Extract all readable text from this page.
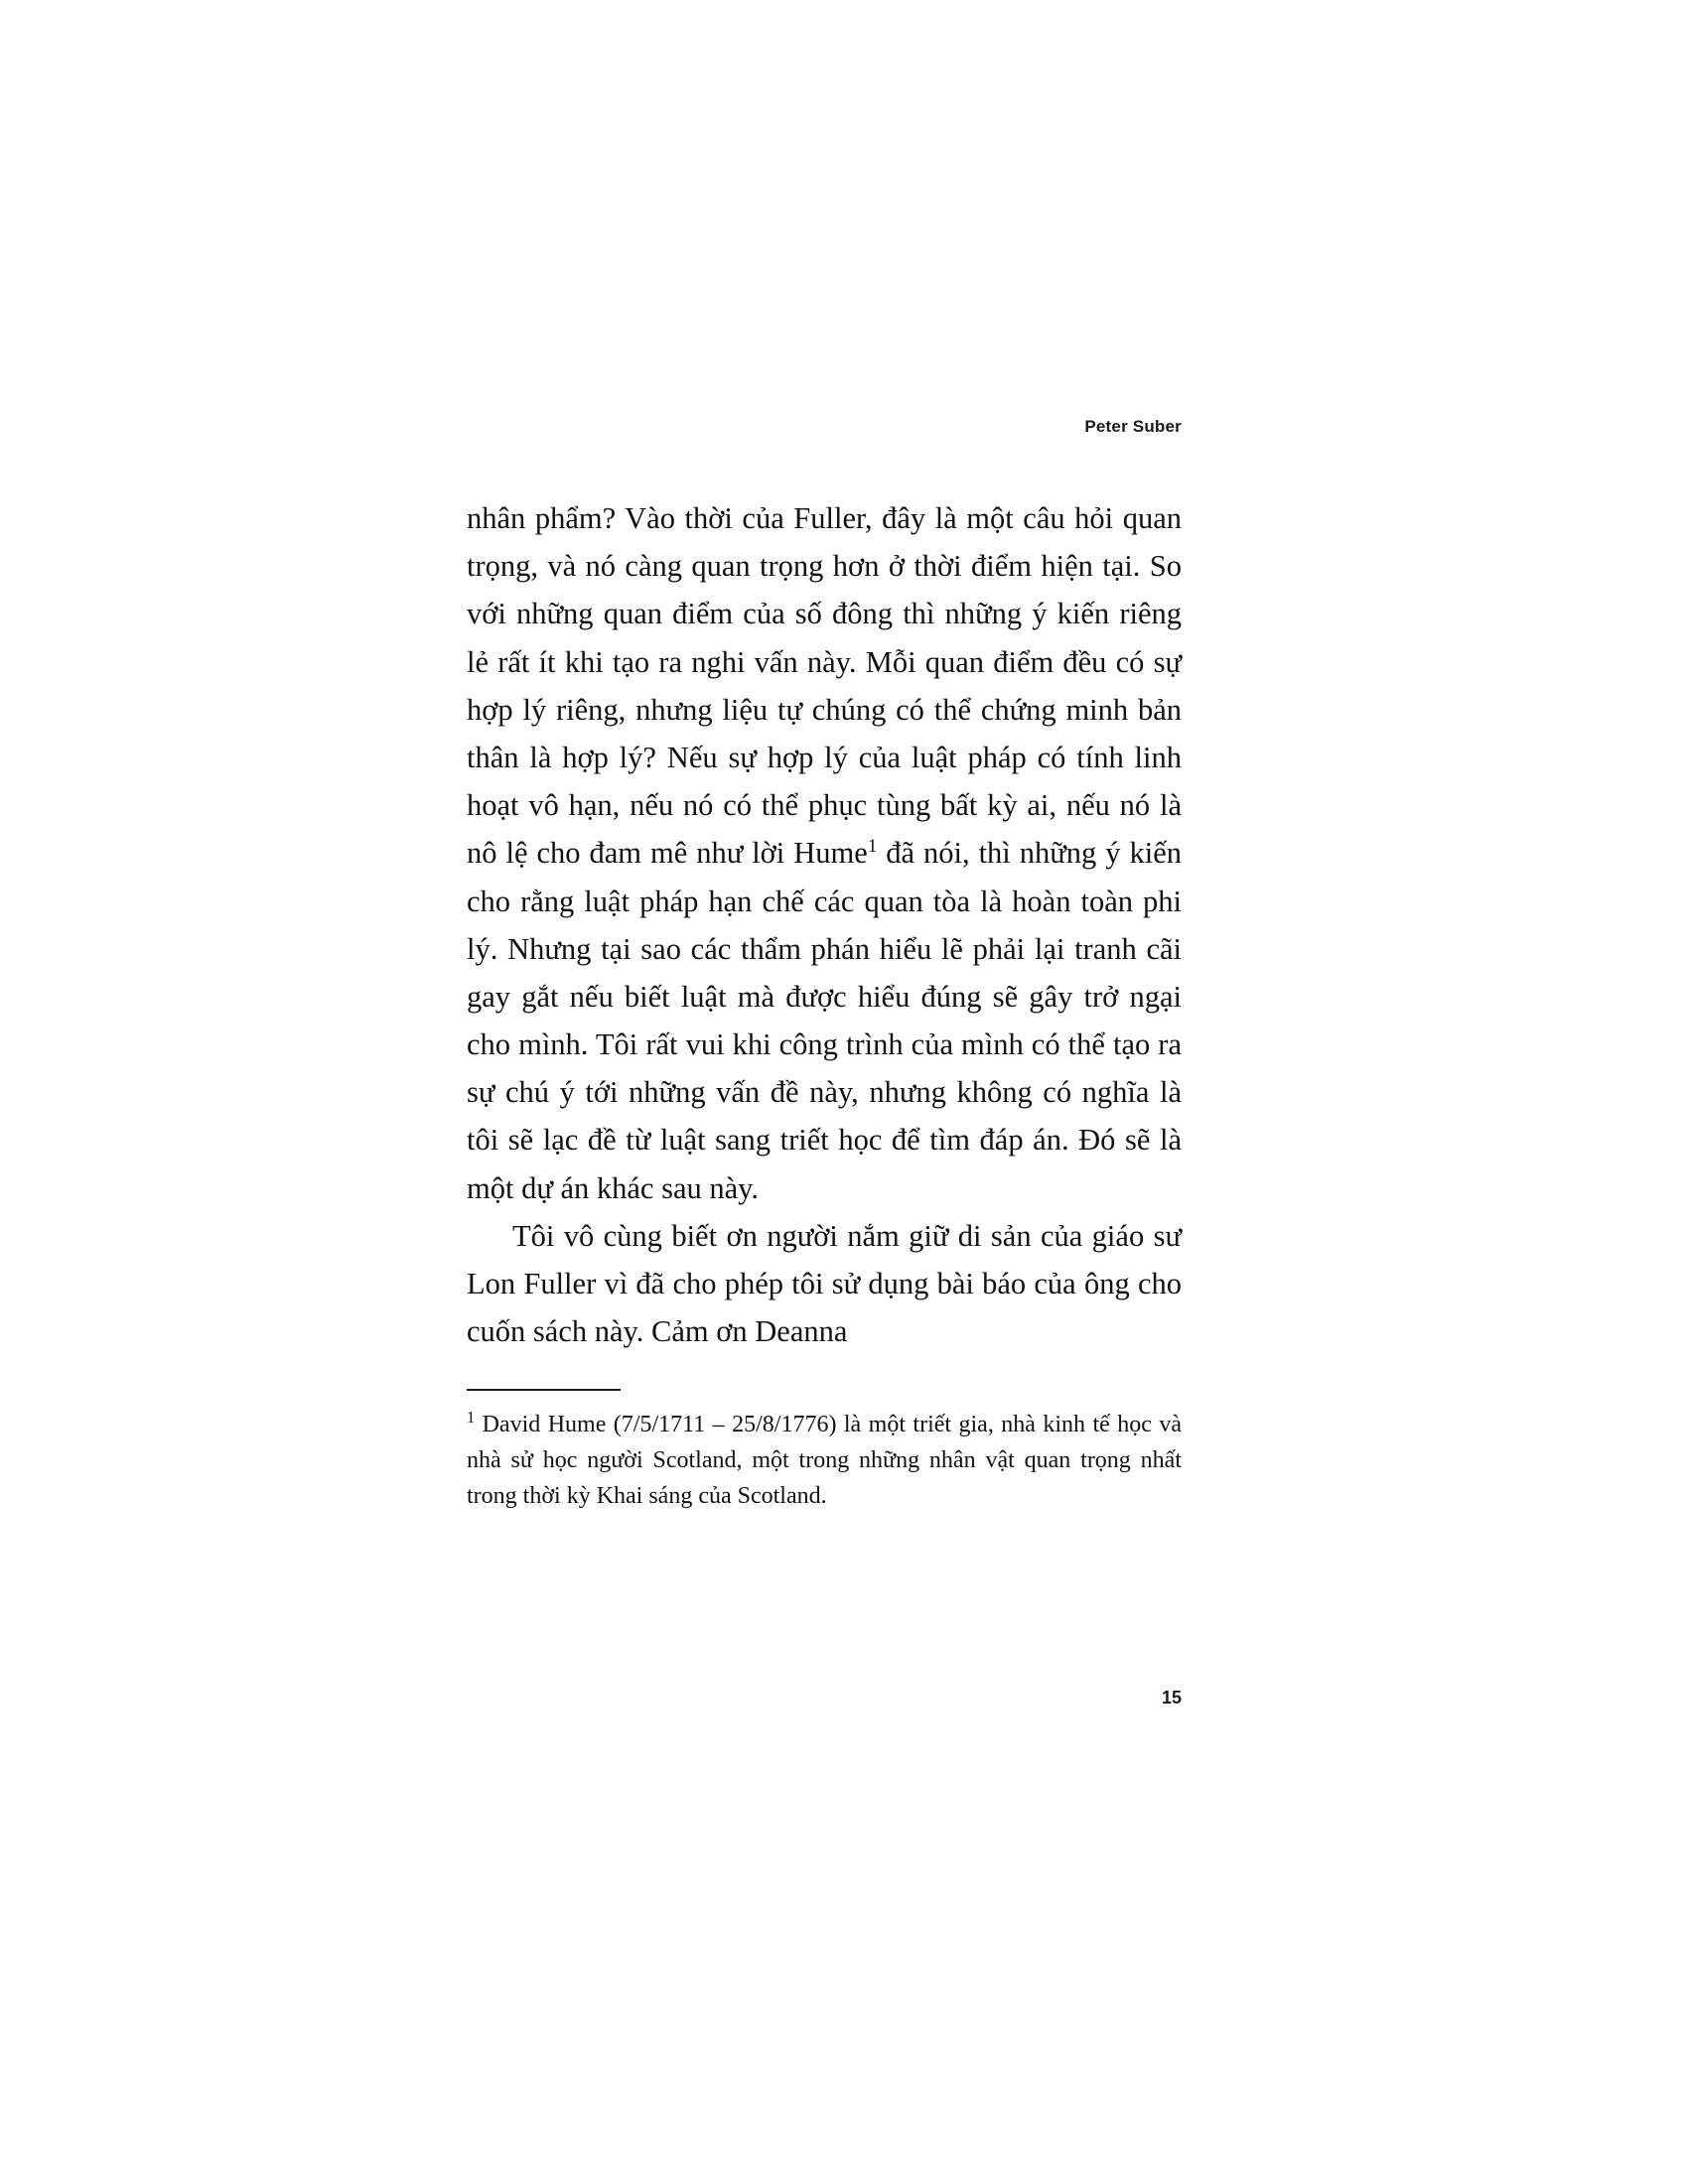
Peter Suber

nhân phẩm? Vào thời của Fuller, đây là một câu hỏi quan trọng, và nó càng quan trọng hơn ở thời điểm hiện tại. So với những quan điểm của số đông thì những ý kiến riêng lẻ rất ít khi tạo ra nghi vấn này. Mỗi quan điểm đều có sự hợp lý riêng, nhưng liệu tự chúng có thể chứng minh bản thân là hợp lý? Nếu sự hợp lý của luật pháp có tính linh hoạt vô hạn, nếu nó có thể phục tùng bất kỳ ai, nếu nó là nô lệ cho đam mê như lời Hume$^1$ đã nói, thì những ý kiến cho rằng luật pháp hạn chế các quan tòa là hoàn toàn phi lý. Nhưng tại sao các thẩm phán hiểu lẽ phải lại tranh cãi gay gắt nếu biết luật mà được hiểu đúng sẽ gây trở ngại cho mình. Tôi rất vui khi công trình của mình có thể tạo ra sự chú ý tới những vấn đề này, nhưng không có nghĩa là tôi sẽ lạc đề từ luật sang triết học để tìm đáp án. Đó sẽ là một dự án khác sau này.

Tôi vô cùng biết ơn người nắm giữ di sản của giáo sư Lon Fuller vì đã cho phép tôi sử dụng bài báo của ông cho cuốn sách này. Cảm ơn Deanna

$^1$ David Hume (7/5/1711 – 25/8/1776) là một triết gia, nhà kinh tế học và nhà sử học người Scotland, một trong những nhân vật quan trọng nhất trong thời kỳ Khai sáng của Scotland.
15
